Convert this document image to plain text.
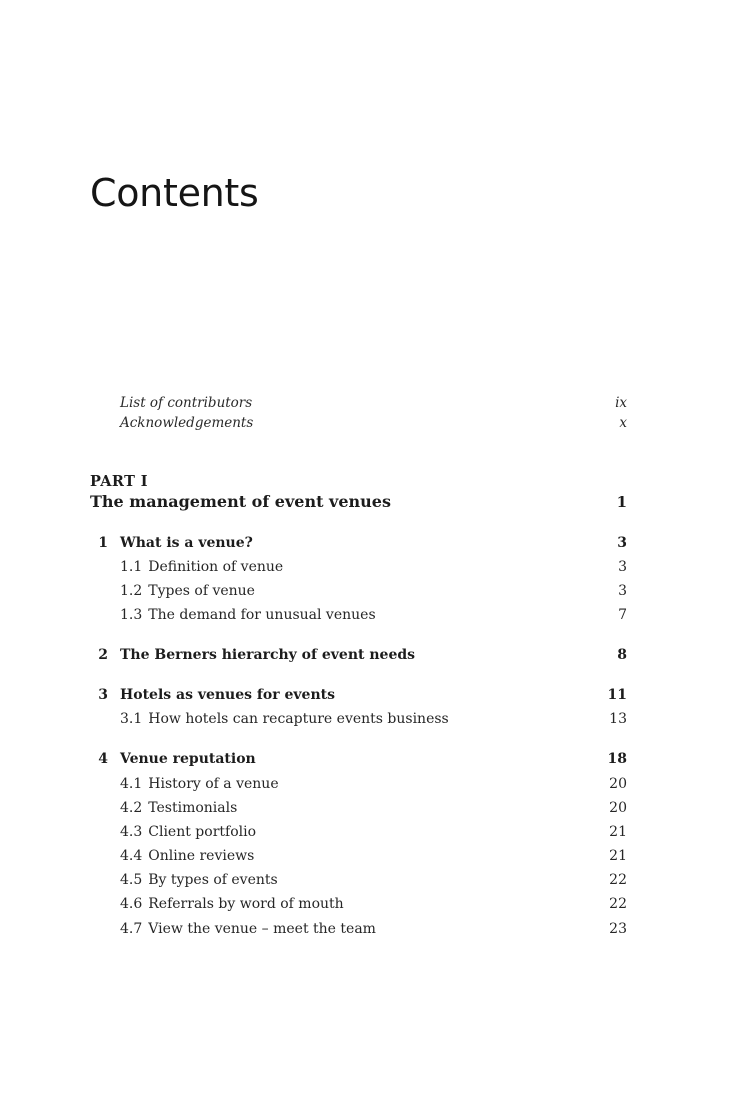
Contents
List of contributors	ix
Acknowledgements	x

PART I

The management of event venues	1
1 What is a venue?	3
1.1 Definition of venue	3
1.2 Types of venue	3
1.3 The demand for unusual venues	7
2 The Berners hierarchy of event needs	8
3 Hotels as venues for events	11
3.1 How hotels can recapture events business	13
4 Venue reputation	18
4.1 History of a venue	20
4.2 Testimonials	20
4.3 Client portfolio	21
4.4 Online reviews	21
4.5 By types of events	22
4.6 Referrals by word of mouth	22
4.7 View the venue – meet the team	23
